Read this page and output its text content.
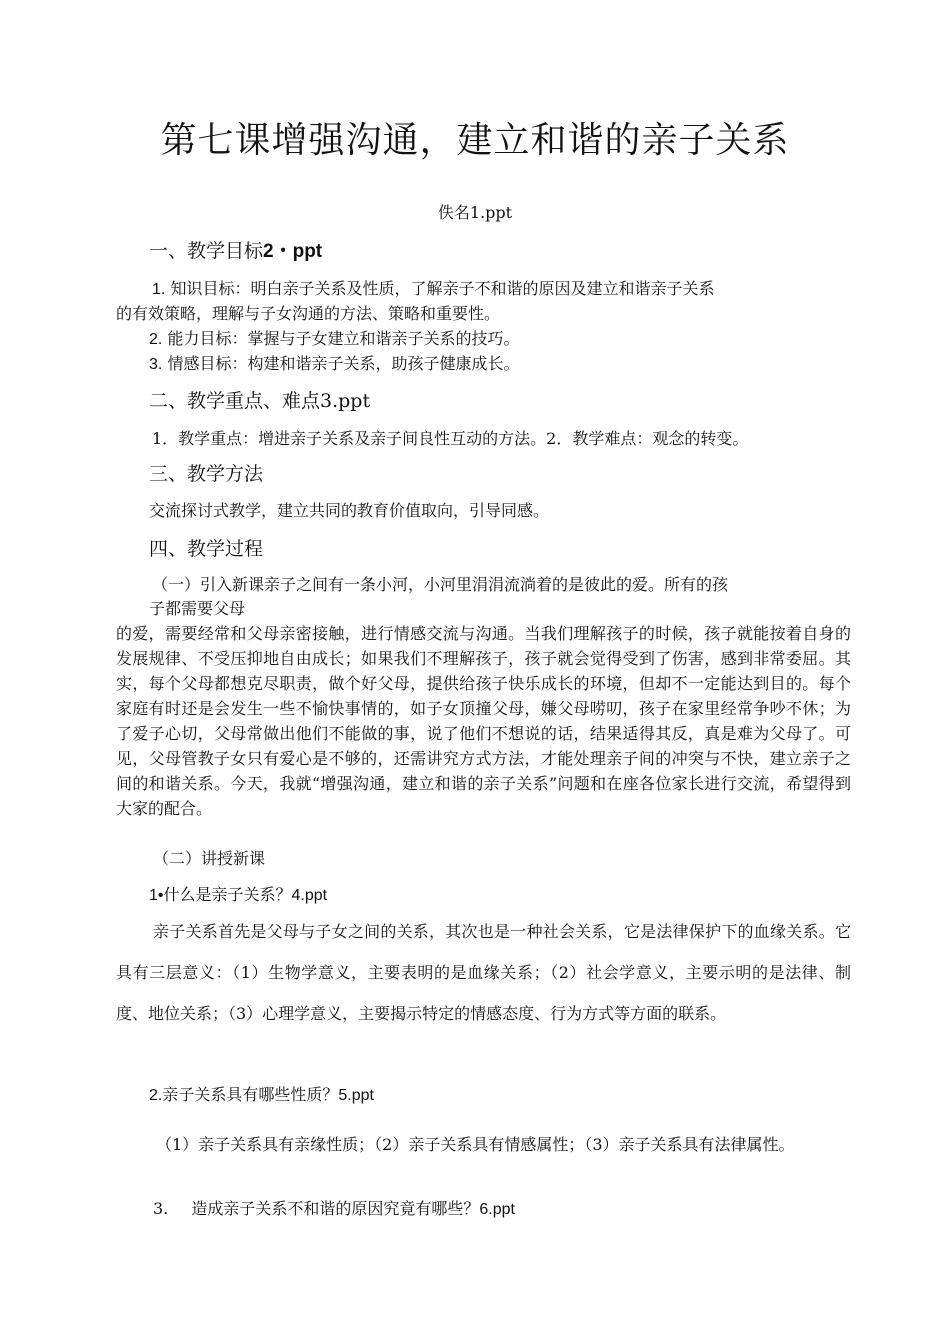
第七课增强沟通，建立和谐的亲子关系
佚名1.ppt
一、教学目标2・ppt
1. 知识目标：明白亲子关系及性质，了解亲子不和谐的原因及建立和谐亲子关系
的有效策略，理解与子女沟通的方法、策略和重要性。
2. 能力目标：掌握与子女建立和谐亲子关系的技巧。
3. 情感目标：构建和谐亲子关系，助孩子健康成长。
二、教学重点、难点3.ppt
1．教学重点：增进亲子关系及亲子间良性互动的方法。2．教学难点：观念的转变。
三、教学方法
交流探讨式教学，建立共同的教育价值取向，引导同感。
四、教学过程
（一）引入新课亲子之间有一条小河，小河里涓涓流淌着的是彼此的爱。所有的孩
子都需要父母
的爱，需要经常和父母亲密接触，进行情感交流与沟通。当我们理解孩子的时候，孩子就能按着自身的发展规律、不受压抑地自由成长；如果我们不理解孩子，孩子就会觉得受到了伤害，感到非常委屈。其实，每个父母都想克尽职责，做个好父母，提供给孩子快乐成长的环境，但却不一定能达到目的。每个家庭有时还是会发生一些不愉快事情的，如子女顶撞父母，嫌父母唠叨，孩子在家里经常争吵不休；为了爱子心切，父母常做出他们不能做的事，说了他们不想说的话，结果适得其反，真是难为父母了。可见，父母管教子女只有爱心是不够的，还需讲究方式方法，才能处理亲子间的冲突与不快，建立亲子之间的和谐关系。今天，我就“增强沟通，建立和谐的亲子关系”问题和在座各位家长进行交流，希望得到大家的配合。
（二）讲授新课
1•什么是亲子关系？4.ppt
亲子关系首先是父母与子女之间的关系，其次也是一种社会关系，它是法律保护下的血缘关系。它具有三层意义：（1）生物学意义，主要表明的是血缘关系；（2）社会学意义，主要示明的是法律、制度、地位关系；（3）心理学意义，主要揭示特定的情感态度、行为方式等方面的联系。
2.亲子关系具有哪些性质？5.ppt
（1）亲子关系具有亲缘性质；（2）亲子关系具有情感属性；（3）亲子关系具有法律属性。
3. 造成亲子关系不和谐的原因究竟有哪些？6.ppt
